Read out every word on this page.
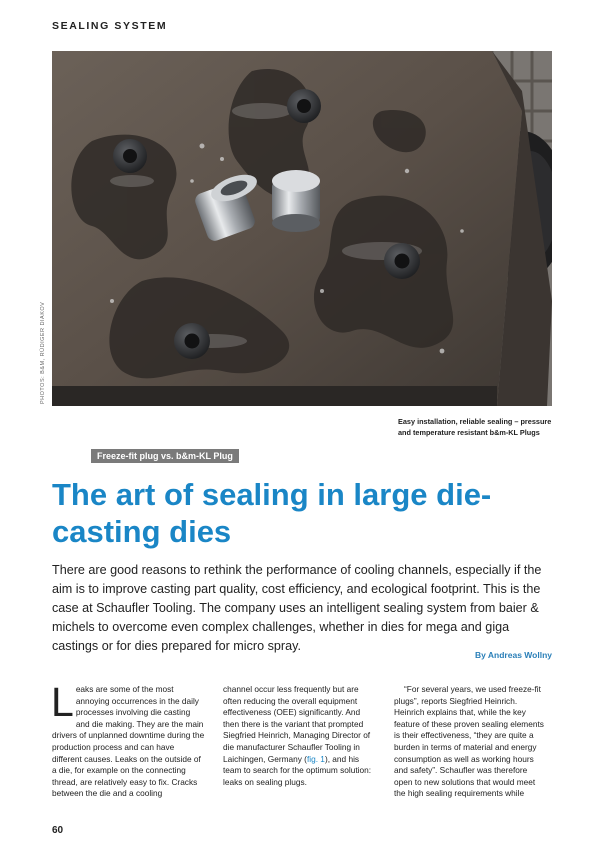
SEALING SYSTEM
PHOTOS: B&M, RÜDIGER DIAKOV
Easy installation, reliable sealing – pressure and temperature resistant b&m-KL Plugs
Freeze-fit plug vs. b&m-KL Plug
The art of sealing in large die-casting dies

There are good reasons to rethink the performance of cooling channels, especially if the aim is to improve casting part quality, cost efficiency, and ecological footprint. This is the case at Schaufler Tooling. The company uses an intelligent sealing system from baier & michels to overcome even complex challenges, whether in dies for mega and giga castings or for dies prepared for micro spray.

By Andreas Wollny

Leaks are some of the most annoying occurrences in the daily processes involving die casting and die making. They are the main drivers of unplanned downtime during the production process and can have different causes. Leaks on the outside of a die, for example on the connecting thread, are relatively easy to fix. Cracks between the die and a cooling

channel occur less frequently but are often reducing the overall equipment effectiveness (OEE) significantly. And then there is the variant that prompted Siegfried Heinrich, Managing Director of die manufacturer Schaufler Tooling in Laichingen, Germany (fig. 1), and his team to search for the optimum solution: leaks on sealing plugs.

“For several years, we used freeze-fit plugs”, reports Siegfried Heinrich. Heinrich explains that, while the key feature of these proven sealing elements is their effectiveness, “they are quite a burden in terms of material and energy consumption as well as working hours and safety”. Schaufler was therefore open to new solutions that would meet the high sealing requirements while

60
